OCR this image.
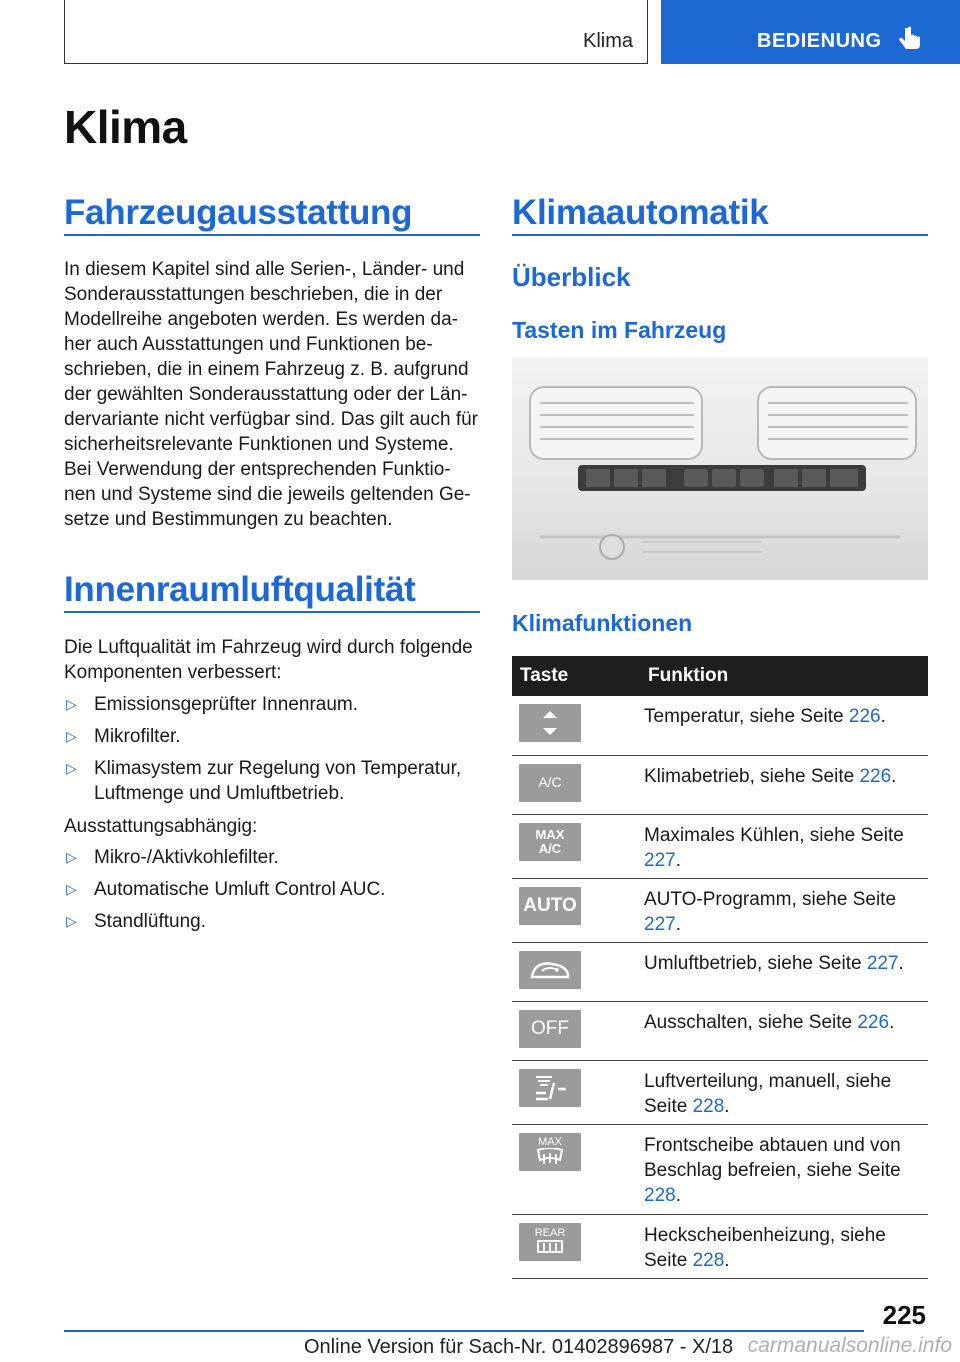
Klima	BEDIENUNG
Klima
Fahrzeugausstattung
In diesem Kapitel sind alle Serien-, Länder- und Sonderausstattungen beschrieben, die in der Modellreihe angeboten werden. Es werden da-her auch Ausstattungen und Funktionen be-schrieben, die in einem Fahrzeug z. B. aufgrund der gewählten Sonderausstattung oder der Län-dervariante nicht verfügbar sind. Das gilt auch für sicherheitsrelevante Funktionen und Systeme. Bei Verwendung der entsprechenden Funktio-nen und Systeme sind die jeweils geltenden Ge-setze und Bestimmungen zu beachten.
Innenraumluftqualität
Die Luftqualität im Fahrzeug wird durch folgende Komponenten verbessert:
▷ Emissionsgeprüfter Innenraum.
▷ Mikrofilter.
▷ Klimasystem zur Regelung von Temperatur, Luftmenge und Umluftbetrieb.
Ausstattungsabhängig:
▷ Mikro-/Aktivkohlefilter.
▷ Automatische Umluft Control AUC.
▷ Standlüftung.
Klimaautomatik
Überblick
Tasten im Fahrzeug
Klimafunktionen
Taste	Funktion

	Temperatur, siehe Seite 226.

A/C	Klimabetrieb, siehe Seite 226.

MAX
A/C	Maximales Kühlen, siehe Seite 227.

AUTO	AUTO-Programm, siehe Seite 227.

	Umluftbetrieb, siehe Seite 227.

OFF	Ausschalten, siehe Seite 226.

	Luftverteilung, manuell, siehe Seite 228.

MAX	Frontscheibe abtauen und von Beschlag befreien, siehe Seite 228.

REAR	Heckscheibenheizung, siehe Seite 228.
225
Online Version für Sach-Nr. 01402896987 - X/18 carmanualsonline.info
